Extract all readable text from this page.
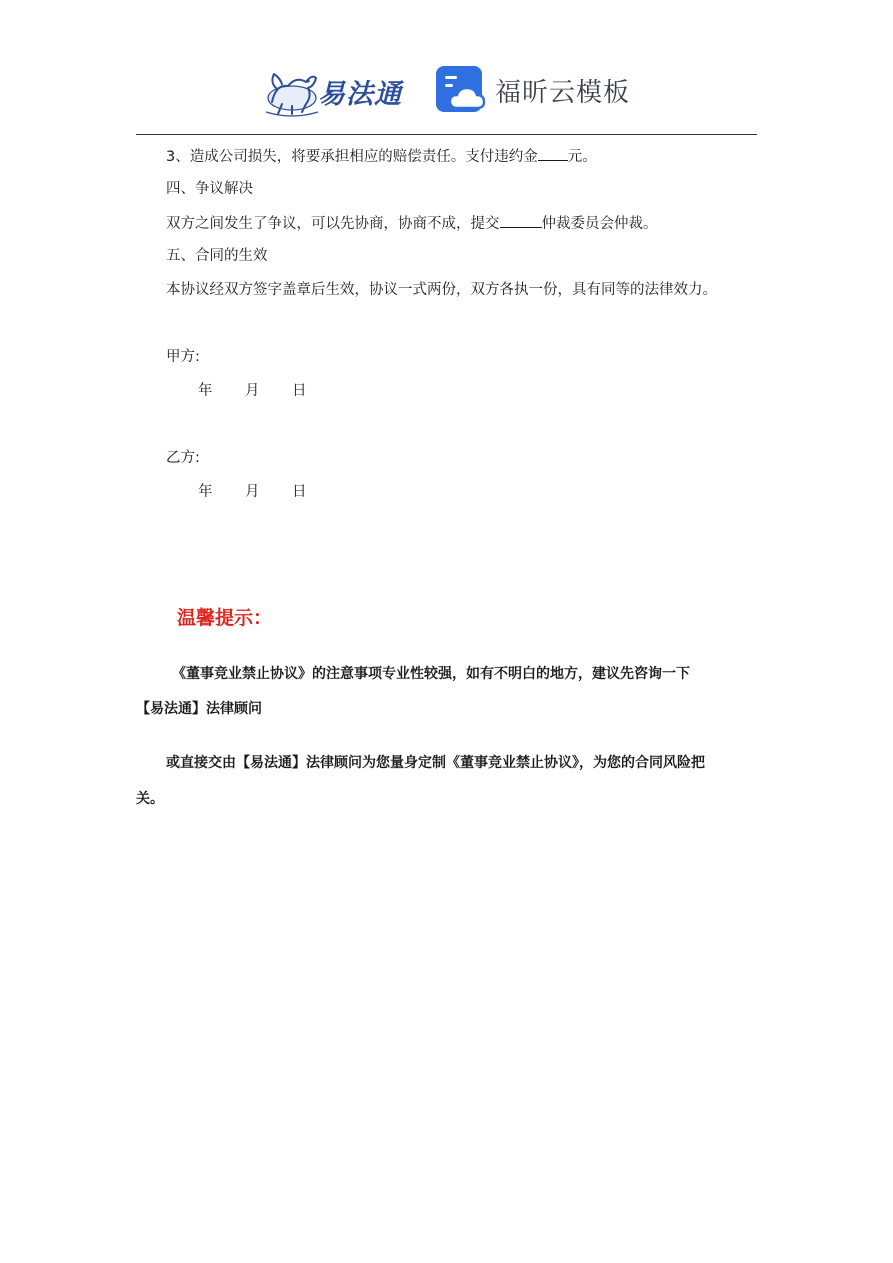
易法通	福昕云模板
3、造成公司损失，将要承担相应的赔偿责任。支付违约金 元。
四、争议解决
双方之间发生了争议，可以先协商，协商不成，提交	仲裁委员会仲裁。
五、合同的生效
本协议经双方签字盖章后生效，协议一式两份，双方各执一份，具有同等的法律效力。
甲方:
年 月 日
乙方:
年 月 日
温馨提示：
《董事竞业禁止协议》的注意事项专业性较强，如有不明白的地方，建议先咨询一下
【易法通】法律顾问
或直接交由【易法通】法律顾问为您量身定制《董事竞业禁止协议》，为您的合同风险把
关。
